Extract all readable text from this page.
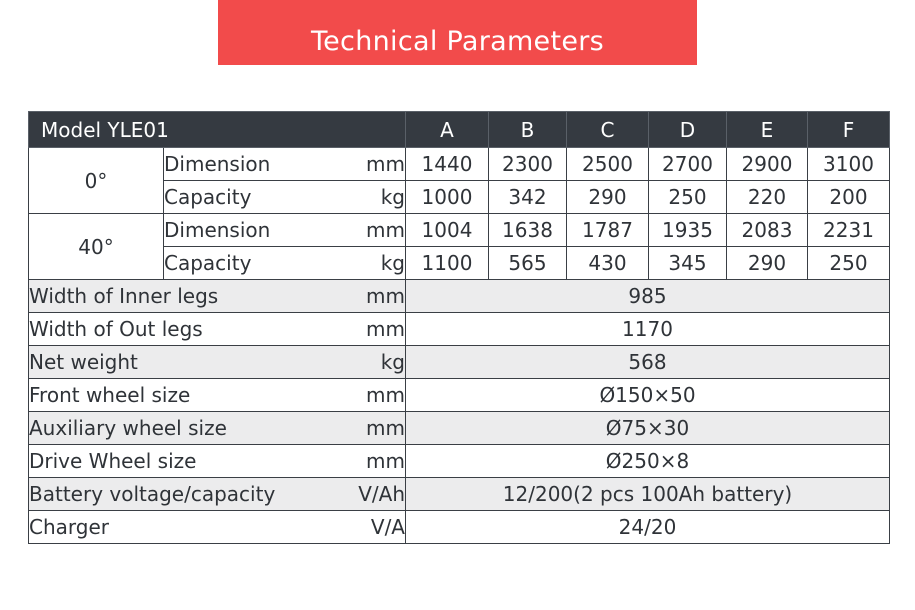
Technical Parameters
Model YLE01			A	B	C	D	E	F
0°	Dimension	mm	1440	2300	2500	2700	2900	3100
	Capacity	kg	1000	342	290	250	220	200
40°	Dimension	mm	1004	1638	1787	1935	2083	2231
	Capacity	kg	1100	565	430	345	290	250
Width of Inner legs		mm	985					
Width of Out legs		mm	1170					
Net weight		kg	568					
Front wheel size		mm	Ø150×50					
Auxiliary wheel size		mm	Ø75×30					
Drive Wheel size		mm	Ø250×8					
Battery voltage/capacity		V/Ah	12/200(2 pcs 100Ah battery)					
Charger		V/A	24/20					
